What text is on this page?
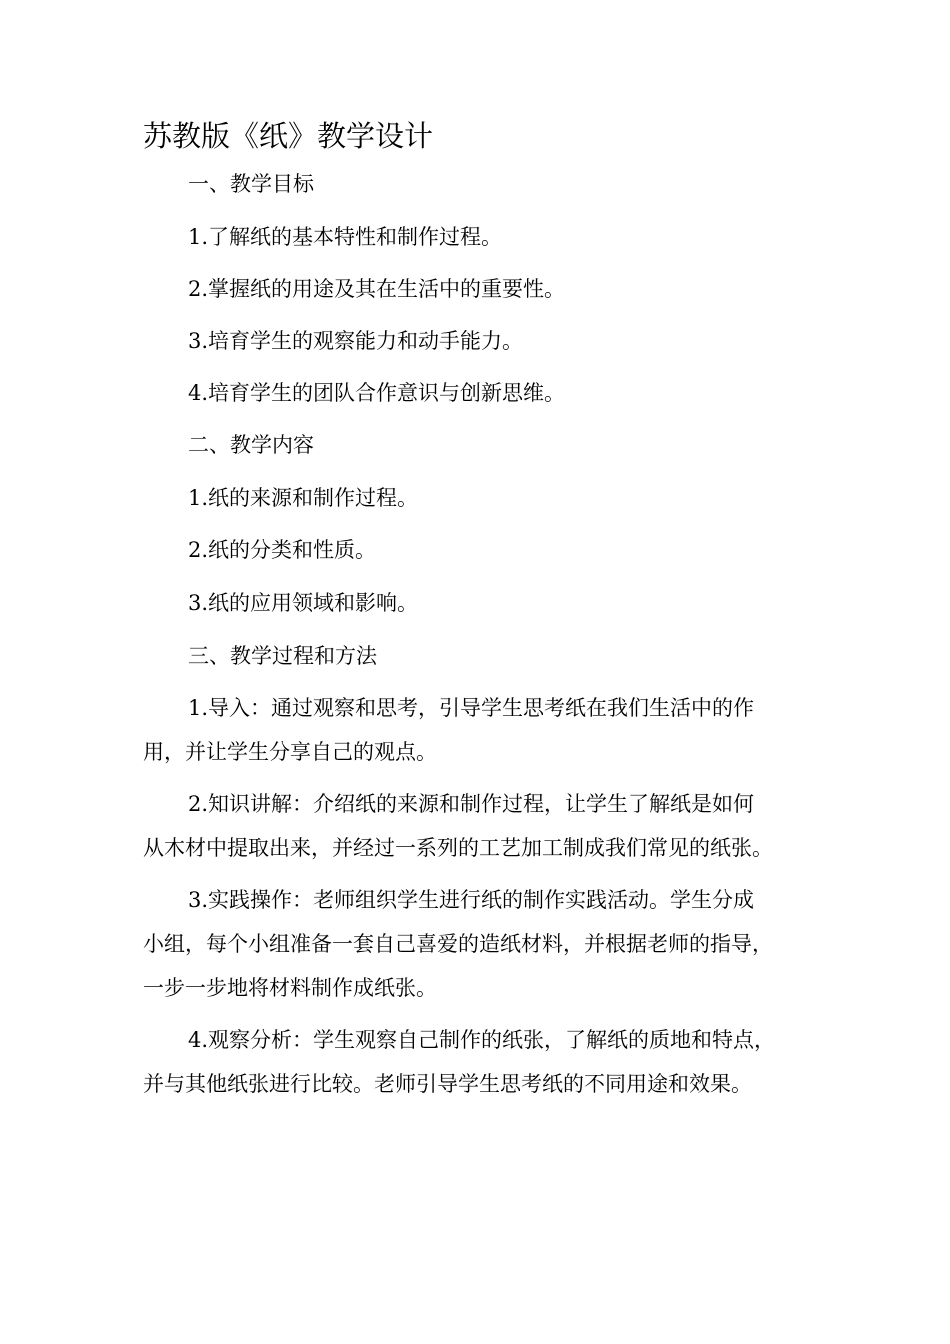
苏教版《纸》教学设计

一、教学目标

1.了解纸的基本特性和制作过程。

2.掌握纸的用途及其在生活中的重要性。

3.培育学生的观察能力和动手能力。

4.培育学生的团队合作意识与创新思维。

二、教学内容

1.纸的来源和制作过程。

2.纸的分类和性质。

3.纸的应用领域和影响。

三、教学过程和方法

1.导入：通过观察和思考，引导学生思考纸在我们生活中的作
用，并让学生分享自己的观点。
2.知识讲解：介绍纸的来源和制作过程，让学生了解纸是如何
从木材中提取出来，并经过一系列的工艺加工制成我们常见的纸张。
3.实践操作：老师组织学生进行纸的制作实践活动。学生分成
小组，每个小组准备一套自己喜爱的造纸材料，并根据老师的指导，
一步一步地将材料制作成纸张。
4.观察分析：学生观察自己制作的纸张，了解纸的质地和特点，
并与其他纸张进行比较。老师引导学生思考纸的不同用途和效果。
